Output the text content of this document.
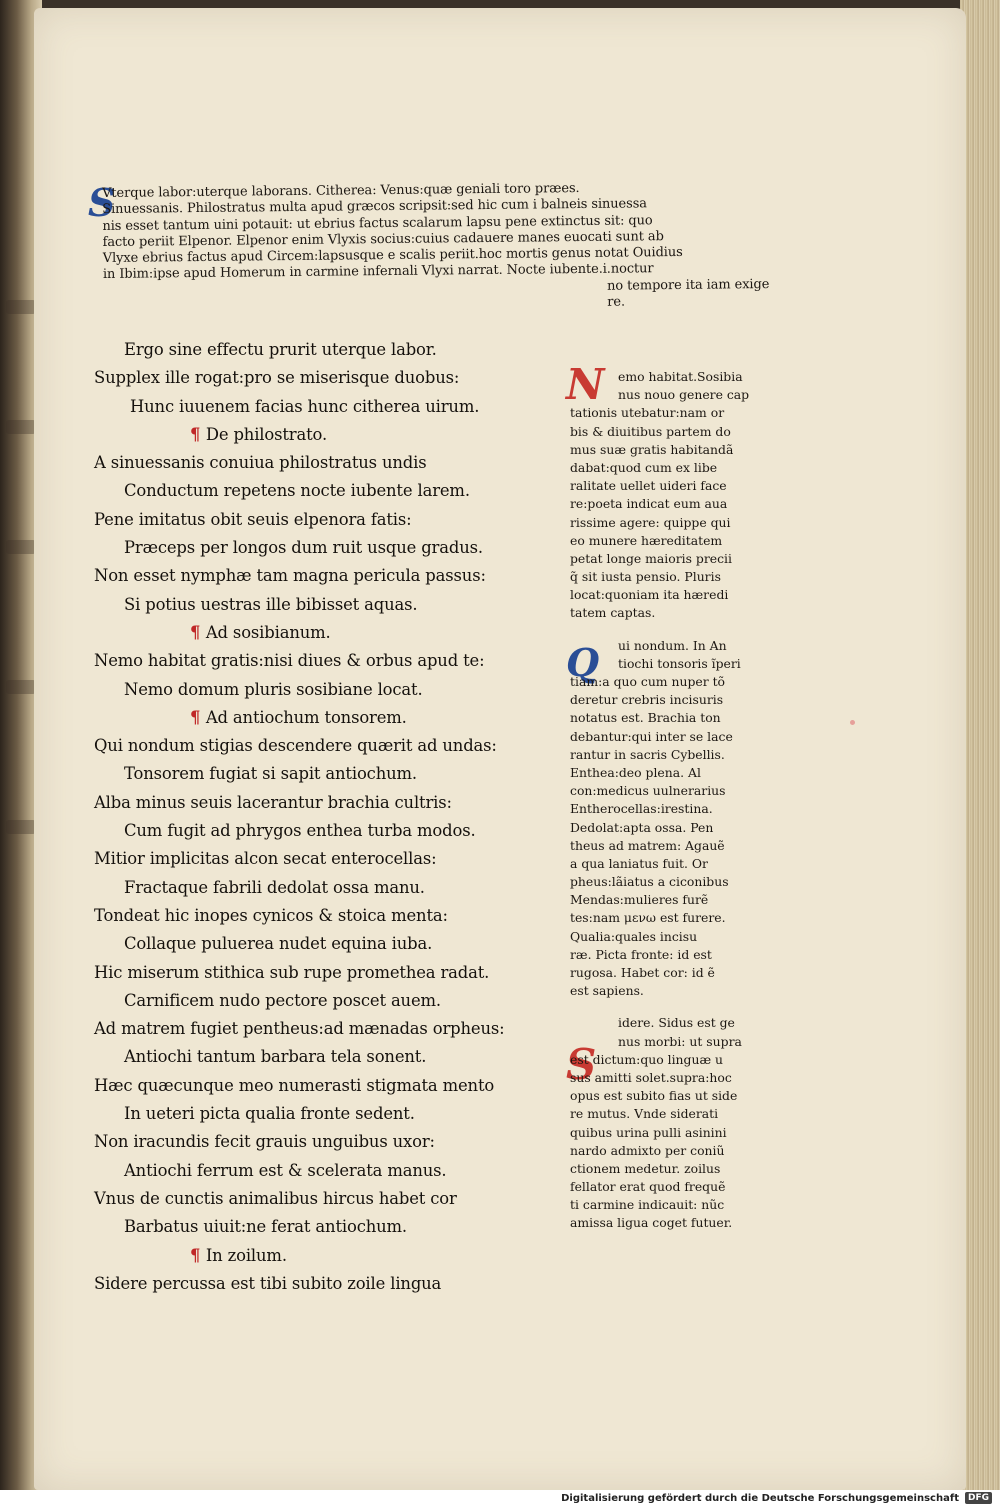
S
N
Q
S
Vterque labor:uterque laborans. Citherea: Venus:quæ geniali toro præes.
Sinuessanis. Philostratus multa apud græcos scripsit:sed hic cum i balneis sinuessa
nis esset tantum uini potauit: ut ebrius factus scalarum lapsu pene extinctus sit: quo
facto periit Elpenor. Elpenor enim Vlyxis socius:cuius cadauere manes euocati sunt ab
Vlyxe ebrius factus apud Circem:lapsusque e scalis periit.hoc mortis genus notat Ouidius
in Ibim:ipse apud Homerum in carmine infernali Vlyxi narrat. Nocte iubente.i.noctur
no tempore ita iam exige
re.
Ergo sine effectu prurit uterque labor.
Supplex ille rogat:pro se miserisque duobus:
Hunc iuuenem facias hunc citherea uirum.
¶ De philostrato.
A sinuessanis conuiua philostratus undis
Conductum repetens nocte iubente larem.
Pene imitatus obit seuis elpenora fatis:
Præceps per longos dum ruit usque gradus.
Non esset nymphæ tam magna pericula passus:
Si potius uestras ille bibisset aquas.
¶ Ad sosibianum.
Nemo habitat gratis:nisi diues & orbus apud te:
Nemo domum pluris sosibiane locat.
¶ Ad antiochum tonsorem.
Qui nondum stigias descendere quærit ad undas:
Tonsorem fugiat si sapit antiochum.
Alba minus seuis lacerantur brachia cultris:
Cum fugit ad phrygos enthea turba modos.
Mitior implicitas alcon secat enterocellas:
Fractaque fabrili dedolat ossa manu.
Tondeat hic inopes cynicos & stoica menta:
Collaque puluerea nudet equina iuba.
Hic miserum stithica sub rupe promethea radat.
Carnificem nudo pectore poscet auem.
Ad matrem fugiet pentheus:ad mænadas orpheus:
Antiochi tantum barbara tela sonent.
Hæc quæcunque meo numerasti stigmata mento
In ueteri picta qualia fronte sedent.
Non iracundis fecit grauis unguibus uxor:
Antiochi ferrum est & scelerata manus.
Vnus de cunctis animalibus hircus habet cor
Barbatus uiuit:ne ferat antiochum.
¶ In zoilum.
Sidere percussa est tibi subito zoile lingua
emo habitat.Sosibia
nus nouo genere cap
tationis utebatur:nam or
bis & diuitibus partem do
mus suæ gratis habitandã
dabat:quod cum ex libe
ralitate uellet uideri face
re:poeta indicat eum aua
rissime agere: quippe qui
eo munere hæreditatem
petat longe maioris precii
q̃ sit iusta pensio. Pluris
locat:quoniam ita hæredi
tatem captas.
ui nondum. In An
tiochi tonsoris ĩperi
tiam:a quo cum nuper tõ
deretur crebris incisuris
notatus est. Brachia ton
debantur:qui inter se lace
rantur in sacris Cybellis.
Enthea:deo plena. Al
con:medicus uulnerarius
Entherocellas:irestina.
Dedolat:apta ossa. Pen
theus ad matrem: Agauẽ
a qua laniatus fuit. Or
pheus:lãiatus a ciconibus
Mendas:mulieres furẽ
tes:nam μενω est furere.
Qualia:quales incisu
ræ. Picta fronte: id est
rugosa. Habet cor: id ẽ
est sapiens.
idere. Sidus est ge
nus morbi: ut supra
est dictum:quo linguæ u
sus amitti solet.supra:hoc
opus est subito fias ut side
re mutus. Vnde siderati
quibus urina pulli asinini
nardo admixto per coniũ
ctionem medetur. zoilus
fellator erat quod frequẽ
ti carmine indicauit: nũc
amissa ligua coget futuer.
Digitalisierung gefördert durch die Deutsche Forschungsgemeinschaft	DFG
